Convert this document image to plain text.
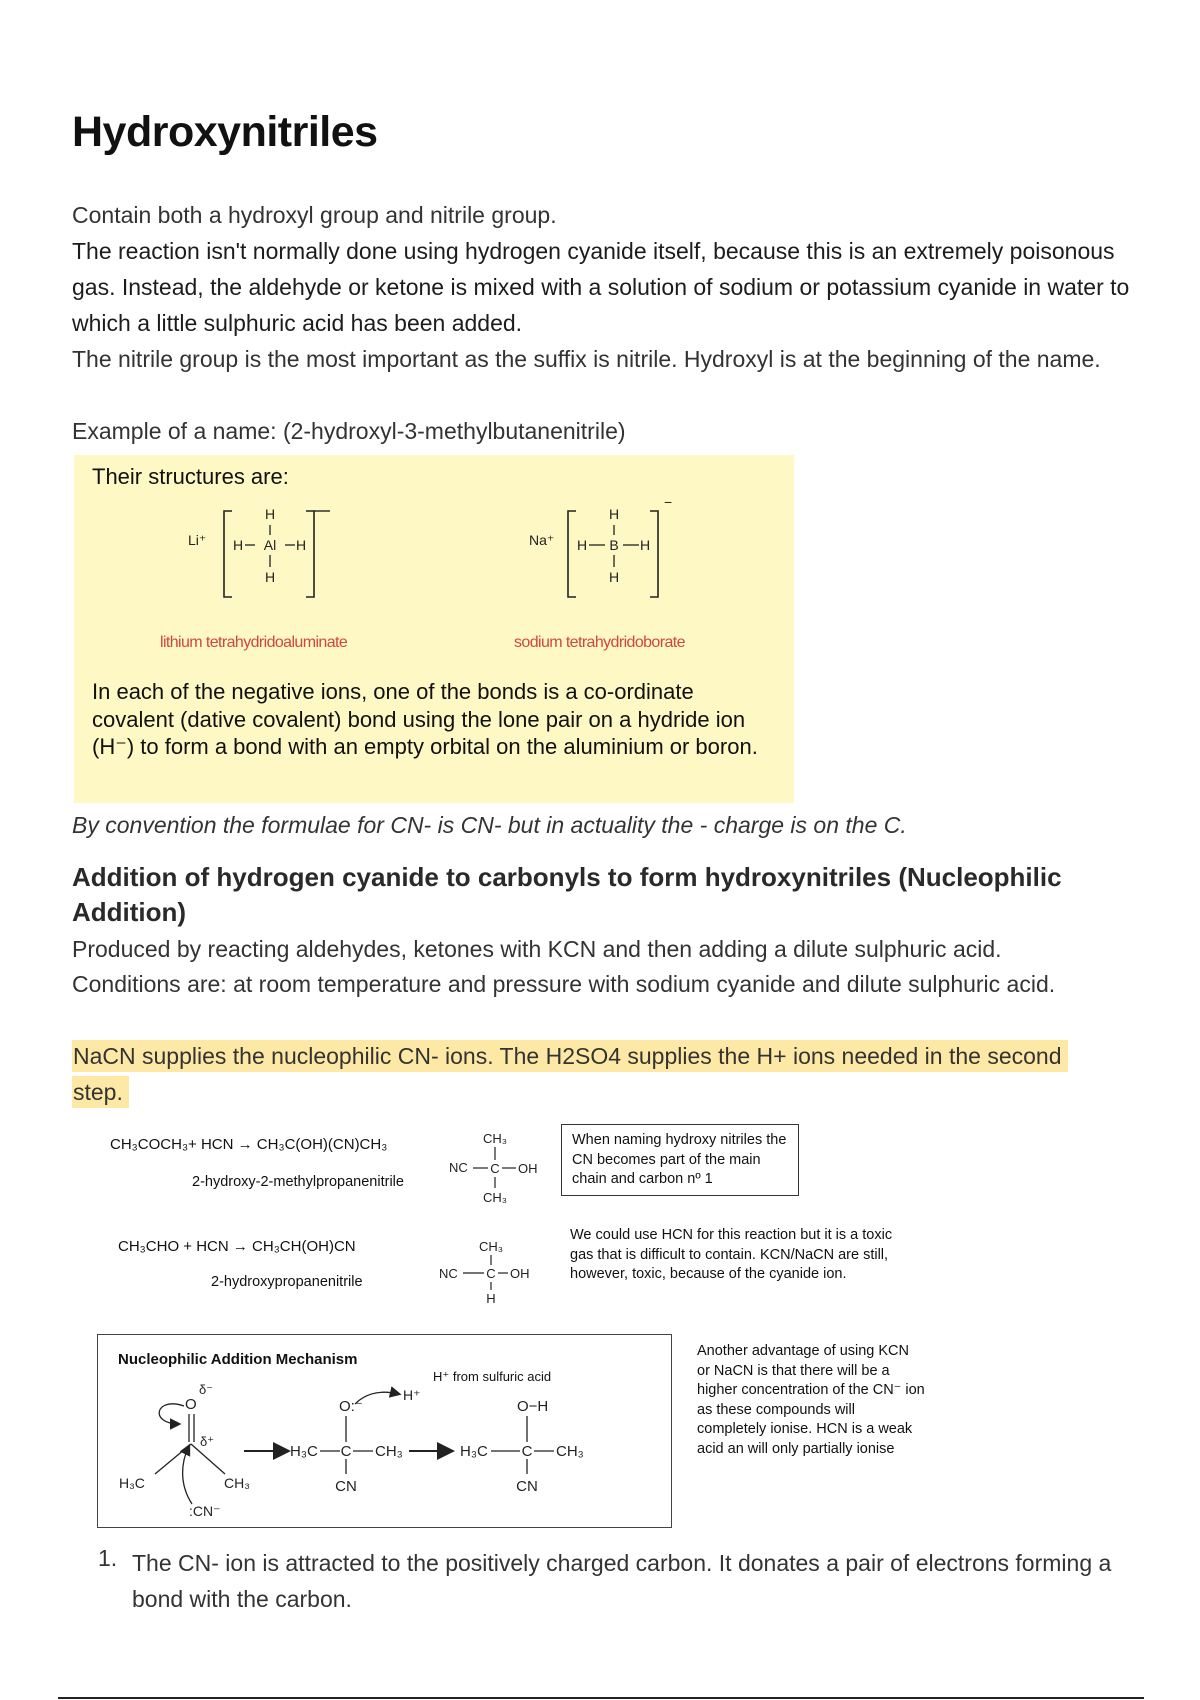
Hydroxynitriles

Contain both a hydroxyl group and nitrile group.

The reaction isn't normally done using hydrogen cyanide itself, because this is an extremely poisonous gas. Instead, the aldehyde or ketone is mixed with a solution of sodium or potassium cyanide in water to which a little sulphuric acid has been added.

The nitrile group is the most important as the suffix is nitrile. Hydroxyl is at the beginning of the name.

Example of a name: (2-hydroxyl-3-methylbutanenitrile)

Their structures are:
Li⁺
H
H Al H
H
Na⁺
−
H
H B H
H
lithium tetrahydridoaluminate	sodium tetrahydridoborate
In each of the negative ions, one of the bonds is a co-ordinate covalent (dative covalent) bond using the lone pair on a hydride ion (H⁻) to form a bond with an empty orbital on the aluminium or boron.

By convention the formulae for CN- is CN- but in actuality the - charge is on the C.

Addition of hydrogen cyanide to carbonyls to form hydroxynitriles (Nucleophilic Addition)

Produced by reacting aldehydes, ketones with KCN and then adding a dilute sulphuric acid.

Conditions are: at room temperature and pressure with sodium cyanide and dilute sulphuric acid.

NaCN supplies the nucleophilic CN- ions. The H2SO4 supplies the H+ ions needed in the second step.

CH₃COCH₃+ HCN → CH₃C(OH)(CN)CH₃
2-hydroxy-2-methylpropanenitrile
CH₃
NC C OH
CH₃
When naming hydroxy nitriles the CN becomes part of the main chain and carbon nº 1
CH₃CHO + HCN → CH₃CH(OH)CN
2-hydroxypropanenitrile
CH₃
NC C OH
H
We could use HCN for this reaction but it is a toxic gas that is difficult to contain. KCN/NaCN are still, however, toxic, because of the cyanide ion.
Nucleophilic Addition Mechanism
H⁺ from sulfuric acid
δ⁻
O
δ⁺
H₃C	CH₃
:CN⁻
O:⁻
H⁺
H₃C C CH₃
CN
O−H
H₃C C CH₃
CN
Another advantage of using KCN or NaCN is that there will be a higher concentration of the CN⁻ ion as these compounds will completely ionise. HCN is a weak acid an will only partially ionise
1. The CN- ion is attracted to the positively charged carbon. It donates a pair of electrons forming a bond with the carbon.
